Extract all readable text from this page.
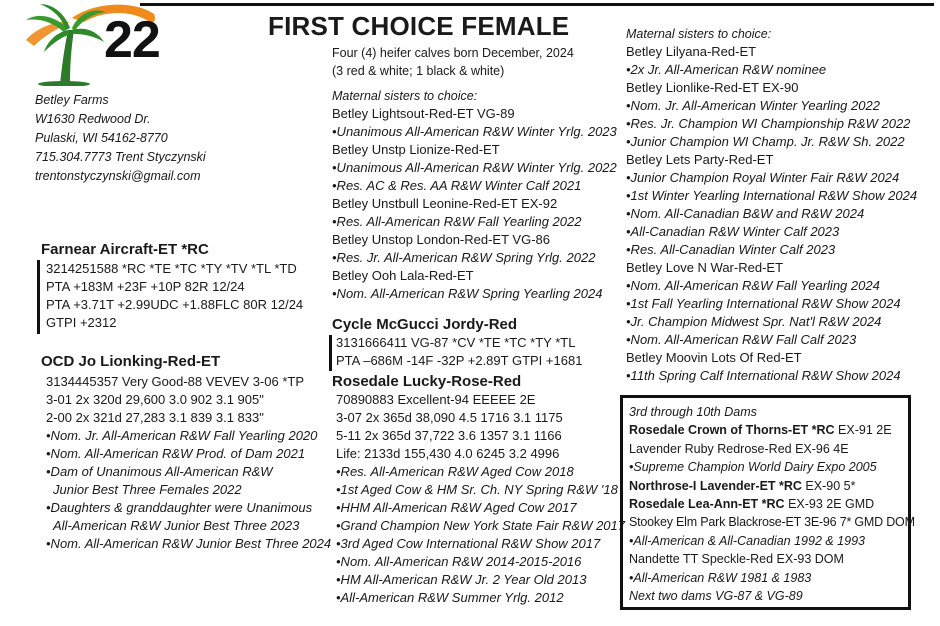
22	FIRST CHOICE FEMALE
Betley Farms
W1630 Redwood Dr.
Pulaski, WI 54162-8770
715.304.7773 Trent Styczynski
trentonstyczynski@gmail.com
Farnear Aircraft-ET *RC
3214251588 *RC *TE *TC *TY *TV *TL *TD
PTA +183M +23F +10P 82R 12/24
PTA +3.71T +2.99UDC +1.88FLC 80R 12/24
GTPI +2312
OCD Jo Lionking-Red-ET
3134445357 Very Good-88 VEVEV 3-06 *TP
3-01 2x 320d 29,600 3.0 902 3.1 905"
2-00 2x 321d 27,283 3.1 839 3.1 833"
•Nom. Jr. All-American R&W Fall Yearling 2020
•Nom. All-American R&W Prod. of Dam 2021
•Dam of Unanimous All-American R&W
Junior Best Three Females 2022
•Daughters & granddaughter were Unanimous
All-American R&W Junior Best Three 2023
•Nom. All-American R&W Junior Best Three 2024
Four (4) heifer calves born December, 2024
(3 red & white; 1 black & white)
Maternal sisters to choice:
Betley Lightsout-Red-ET VG-89
•Unanimous All-American R&W Winter Yrlg. 2023
Betley Unstp Lionize-Red-ET
•Unanimous All-American R&W Winter Yrlg. 2022
•Res. AC & Res. AA R&W Winter Calf 2021
Betley Unstbull Leonine-Red-ET EX-92
•Res. All-American R&W Fall Yearling 2022
Betley Unstop London-Red-ET VG-86
•Res. Jr. All-American R&W Spring Yrlg. 2022
Betley Ooh Lala-Red-ET
•Nom. All-American R&W Spring Yearling 2024
Cycle McGucci Jordy-Red
3131666411 VG-87 *CV *TE *TC *TY *TL
PTA –686M -14F -32P +2.89T GTPI +1681
Rosedale Lucky-Rose-Red
70890883 Excellent-94 EEEEE 2E
3-07 2x 365d 38,090 4.5 1716 3.1 1175
5-11 2x 365d 37,722 3.6 1357 3.1 1166
Life: 2133d 155,430 4.0 6245 3.2 4996
•Res. All-American R&W Aged Cow 2018
•1st Aged Cow & HM Sr. Ch. NY Spring R&W '18
•HHM All-American R&W Aged Cow 2017
•Grand Champion New York State Fair R&W 2017
•3rd Aged Cow International R&W Show 2017
•Nom. All-American R&W 2014-2015-2016
•HM All-American R&W Jr. 2 Year Old 2013
•All-American R&W Summer Yrlg. 2012
Maternal sisters to choice:
Betley Lilyana-Red-ET
•2x Jr. All-American R&W nominee
Betley Lionlike-Red-ET EX-90
•Nom. Jr. All-American Winter Yearling 2022
•Res. Jr. Champion WI Championship R&W 2022
•Junior Champion WI Champ. Jr. R&W Sh. 2022
Betley Lets Party-Red-ET
•Junior Champion Royal Winter Fair R&W 2024
•1st Winter Yearling International R&W Show 2024
•Nom. All-Canadian B&W and R&W 2024
•All-Canadian R&W Winter Calf 2023
•Res. All-Canadian Winter Calf 2023
Betley Love N War-Red-ET
•Nom. All-American R&W Fall Yearling 2024
•1st Fall Yearling International R&W Show 2024
•Jr. Champion Midwest Spr. Nat'l R&W 2024
•Nom. All-American R&W Fall Calf 2023
Betley Moovin Lots Of Red-ET
•11th Spring Calf International R&W Show 2024
3rd through 10th Dams
Rosedale Crown of Thorns-ET *RC EX-91 2E
Lavender Ruby Redrose-Red EX-96 4E
•Supreme Champion World Dairy Expo 2005
Northrose-I Lavender-ET *RC EX-90 5*
Rosedale Lea-Ann-ET *RC EX-93 2E GMD
Stookey Elm Park Blackrose-ET 3E-96 7* GMD DOM
•All-American & All-Canadian 1992 & 1993
Nandette TT Speckle-Red EX-93 DOM
•All-American R&W 1981 & 1983
Next two dams VG-87 & VG-89
